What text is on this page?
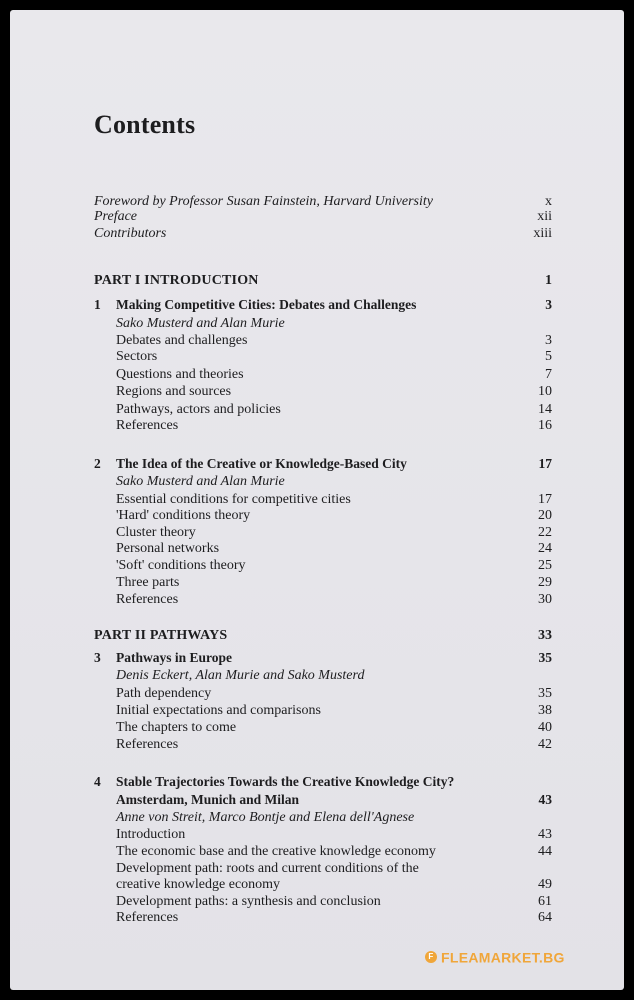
Contents
Foreword by Professor Susan Fainstein, Harvard University	x
Preface	xii
Contributors	xiii
PART I INTRODUCTION	1
1	Making Competitive Cities: Debates and Challenges	3
Sako Musterd and Alan Murie
Debates and challenges	3
Sectors	5
Questions and theories	7
Regions and sources	10
Pathways, actors and policies	14
References	16
2	The Idea of the Creative or Knowledge-Based City	17
Sako Musterd and Alan Murie
Essential conditions for competitive cities	17
'Hard' conditions theory	20
Cluster theory	22
Personal networks	24
'Soft' conditions theory	25
Three parts	29
References	30
PART II PATHWAYS	33
3	Pathways in Europe	35
Denis Eckert, Alan Murie and Sako Musterd
Path dependency	35
Initial expectations and comparisons	38
The chapters to come	40
References	42
4	Stable Trajectories Towards the Creative Knowledge City?
Amsterdam, Munich and Milan	43
Anne von Streit, Marco Bontje and Elena dell'Agnese
Introduction	43
The economic base and the creative knowledge economy	44
Development path: roots and current conditions of the
creative knowledge economy	49
Development paths: a synthesis and conclusion	61
References	64
F FLEAMARKET.BG
